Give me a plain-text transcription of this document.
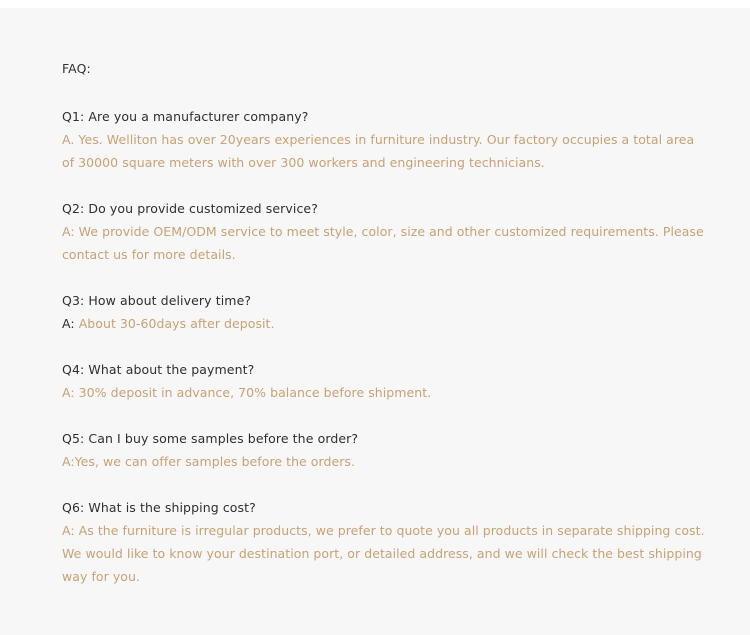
FAQ:

Q1: Are you a manufacturer company?

A. Yes. Welliton has over 20years experiences in furniture industry. Our factory occupies a total area

of 30000 square meters with over 300 workers and engineering technicians.

Q2: Do you provide customized service?

A: We provide OEM/ODM service to meet style, color, size and other customized requirements. Please

contact us for more details.

Q3: How about delivery time?

A: About 30-60days after deposit.

Q4: What about the payment?

A: 30% deposit in advance, 70% balance before shipment.

Q5: Can I buy some samples before the order?

A:Yes, we can offer samples before the orders.

Q6: What is the shipping cost?

A: As the furniture is irregular products, we prefer to quote you all products in separate shipping cost.

We would like to know your destination port, or detailed address, and we will check the best shipping

way for you.
